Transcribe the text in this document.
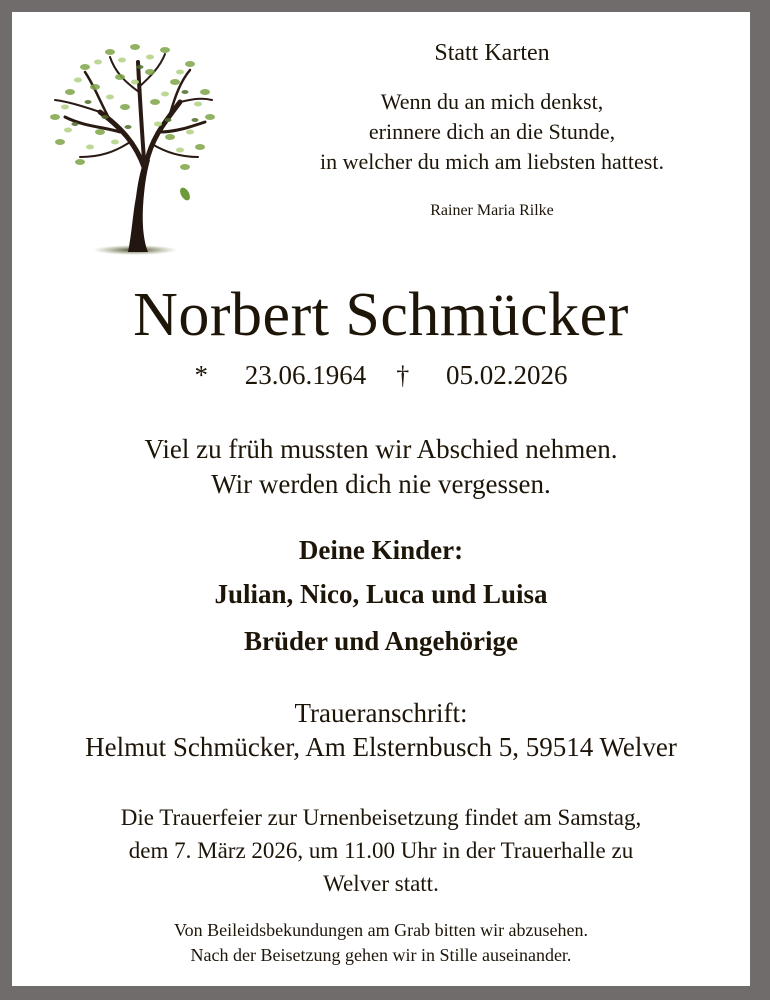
Statt Karten
Wenn du an mich denkst,
erinnere dich an die Stunde,
in welcher du mich am liebsten hattest.
Rainer Maria Rilke
Norbert Schmücker
* 23.06.1964 † 05.02.2026
Viel zu früh mussten wir Abschied nehmen.
Wir werden dich nie vergessen.
Deine Kinder:
Julian, Nico, Luca und Luisa
Brüder und Angehörige
Traueranschrift:
Helmut Schmücker, Am Elsternbusch 5, 59514 Welver
Die Trauerfeier zur Urnenbeisetzung findet am Samstag,
dem 7. März 2026, um 11.00 Uhr in der Trauerhalle zu
Welver statt.
Von Beileidsbekundungen am Grab bitten wir abzusehen.
Nach der Beisetzung gehen wir in Stille auseinander.
